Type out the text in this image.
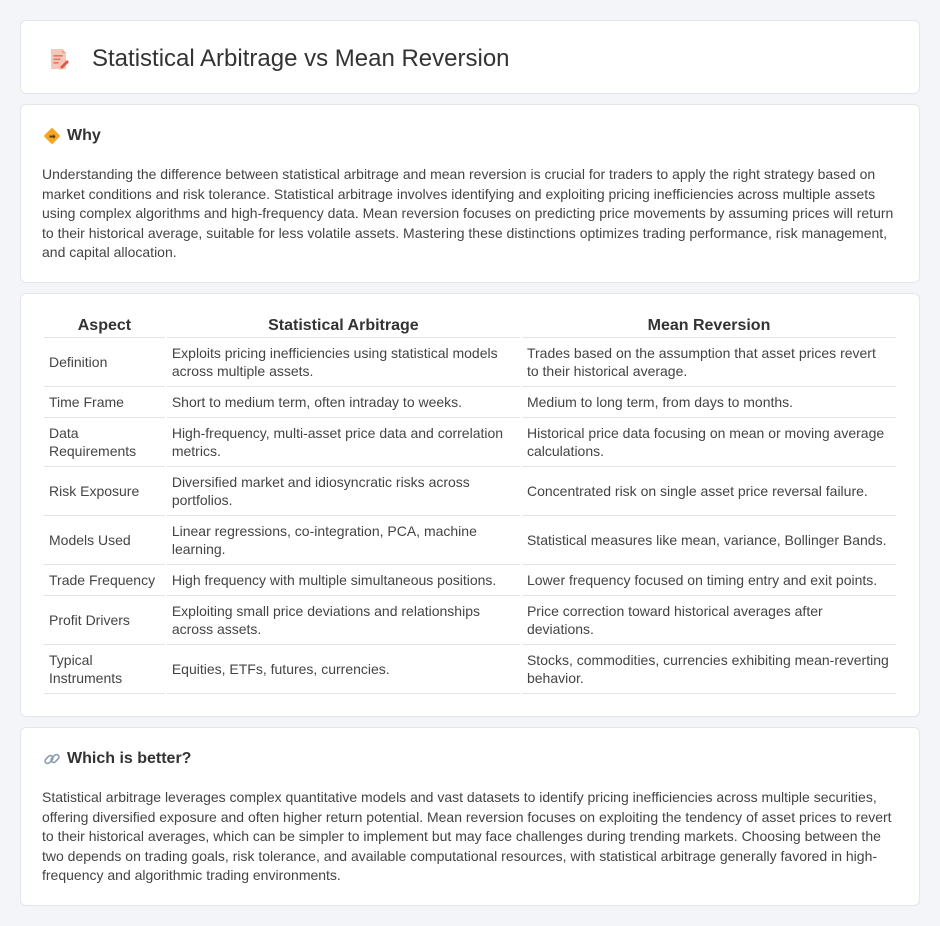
Statistical Arbitrage vs Mean Reversion
Why

Understanding the difference between statistical arbitrage and mean reversion is crucial for traders to apply the right strategy based on market conditions and risk tolerance. Statistical arbitrage involves identifying and exploiting pricing inefficiencies across multiple assets using complex algorithms and high-frequency data. Mean reversion focuses on predicting price movements by assuming prices will return to their historical average, suitable for less volatile assets. Mastering these distinctions optimizes trading performance, risk management, and capital allocation.

Aspect	Statistical Arbitrage	Mean Reversion
Definition	Exploits pricing inefficiencies using statistical models across multiple assets.	Trades based on the assumption that asset prices revert to their historical average.
Time Frame	Short to medium term, often intraday to weeks.	Medium to long term, from days to months.
Data Requirements	High-frequency, multi-asset price data and correlation metrics.	Historical price data focusing on mean or moving average calculations.
Risk Exposure	Diversified market and idiosyncratic risks across portfolios.	Concentrated risk on single asset price reversal failure.
Models Used	Linear regressions, co-integration, PCA, machine learning.	Statistical measures like mean, variance, Bollinger Bands.
Trade Frequency	High frequency with multiple simultaneous positions.	Lower frequency focused on timing entry and exit points.
Profit Drivers	Exploiting small price deviations and relationships across assets.	Price correction toward historical averages after deviations.
Typical Instruments	Equities, ETFs, futures, currencies.	Stocks, commodities, currencies exhibiting mean-reverting behavior.
Which is better?

Statistical arbitrage leverages complex quantitative models and vast datasets to identify pricing inefficiencies across multiple securities, offering diversified exposure and often higher return potential. Mean reversion focuses on exploiting the tendency of asset prices to revert to their historical averages, which can be simpler to implement but may face challenges during trending markets. Choosing between the two depends on trading goals, risk tolerance, and available computational resources, with statistical arbitrage generally favored in high-frequency and algorithmic trading environments.
